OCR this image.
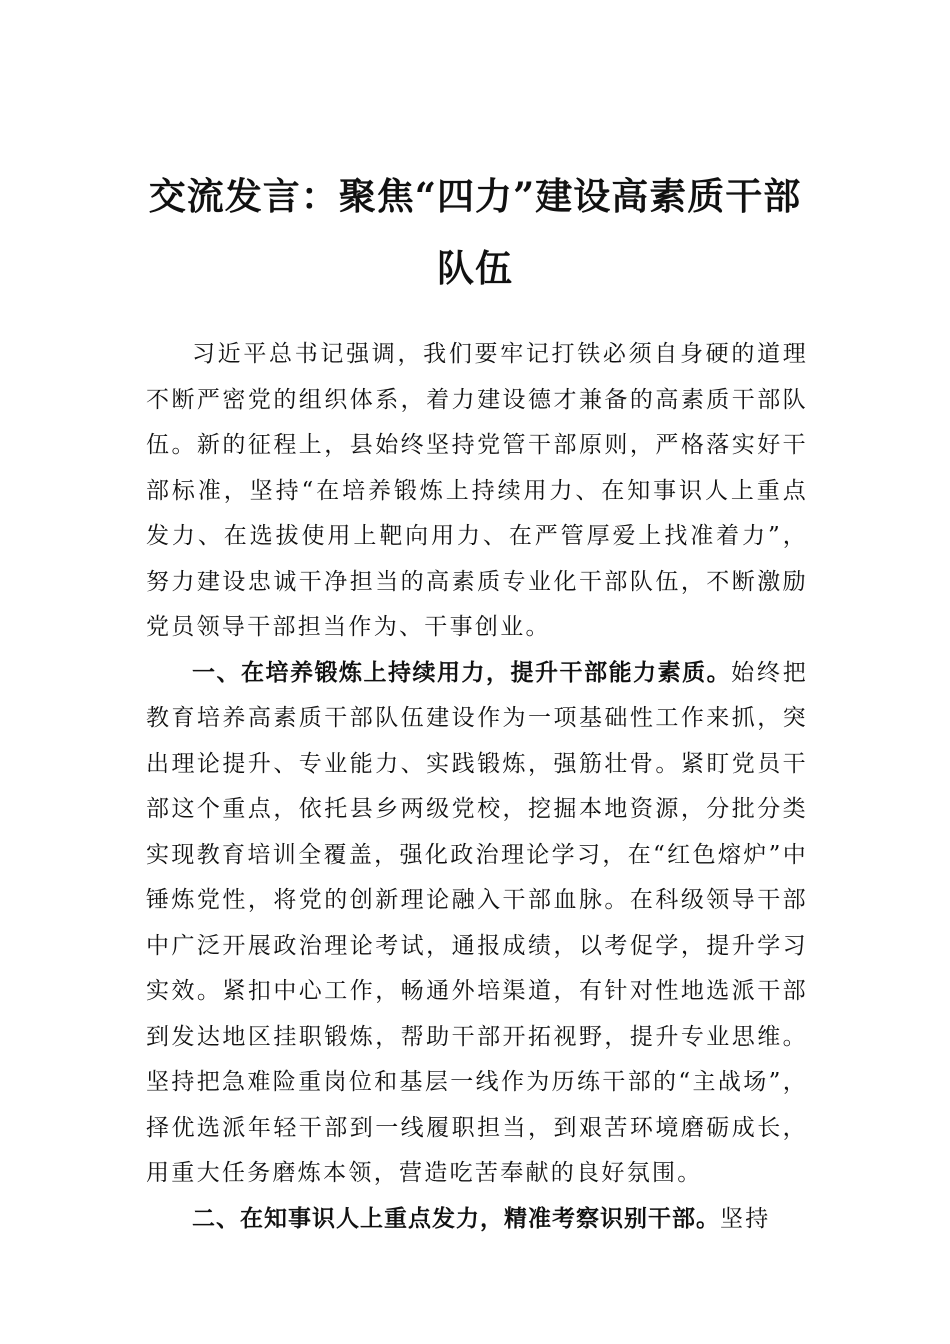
交流发言：聚焦“四力”建设高素质干部队伍

习近平总书记强调，我们要牢记打铁必须自身硬的道理不断严密党的组织体系，着力建设德才兼备的高素质干部队伍。新的征程上，县始终坚持党管干部原则，严格落实好干部标准，坚持“在培养锻炼上持续用力、在知事识人上重点发力、在选拔使用上靶向用力、在严管厚爱上找准着力”，努力建设忠诚干净担当的高素质专业化干部队伍，不断激励党员领导干部担当作为、干事创业。

一、在培养锻炼上持续用力，提升干部能力素质。始终把教育培养高素质干部队伍建设作为一项基础性工作来抓，突出理论提升、专业能力、实践锻炼，强筋壮骨。紧盯党员干部这个重点，依托县乡两级党校，挖掘本地资源，分批分类实现教育培训全覆盖，强化政治理论学习，在“红色熔炉”中锤炼党性，将党的创新理论融入干部血脉。在科级领导干部中广泛开展政治理论考试，通报成绩，以考促学，提升学习实效。紧扣中心工作，畅通外培渠道，有针对性地选派干部到发达地区挂职锻炼，帮助干部开拓视野，提升专业思维。坚持把急难险重岗位和基层一线作为历练干部的“主战场”，择优选派年轻干部到一线履职担当，到艰苦环境磨砺成长，用重大任务磨炼本领，营造吃苦奉献的良好氛围。

二、在知事识人上重点发力，精准考察识别干部。坚持
